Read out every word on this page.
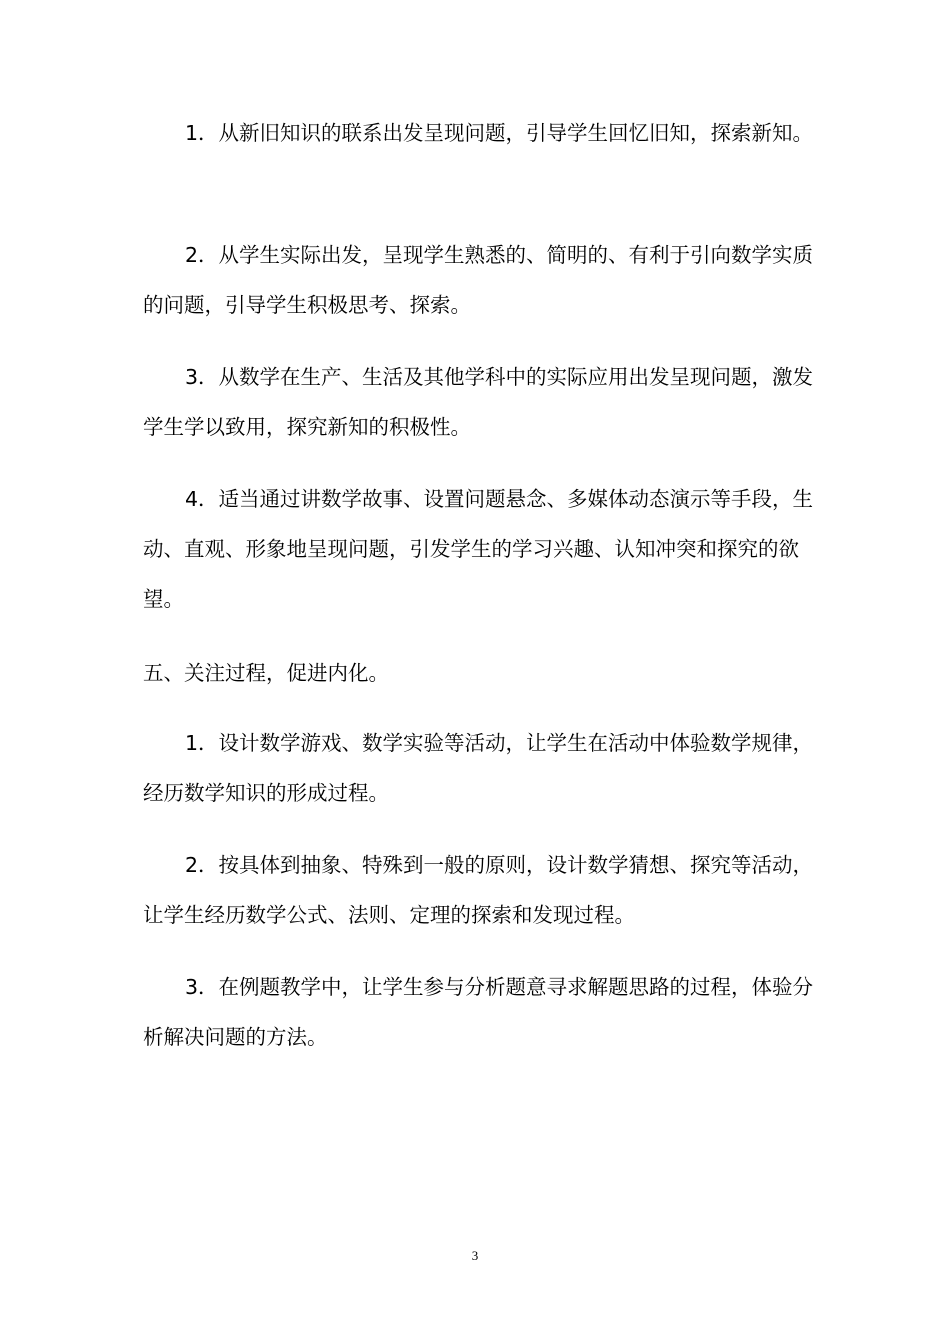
1．从新旧知识的联系出发呈现问题，引导学生回忆旧知，探索新知。

2．从学生实际出发，呈现学生熟悉的、简明的、有利于引向数学实质的问题，引导学生积极思考、探索。

3．从数学在生产、生活及其他学科中的实际应用出发呈现问题，激发学生学以致用，探究新知的积极性。

4．适当通过讲数学故事、设置问题悬念、多媒体动态演示等手段，生动、直观、形象地呈现问题，引发学生的学习兴趣、认知冲突和探究的欲望。

五、关注过程，促进内化。

1．设计数学游戏、数学实验等活动，让学生在活动中体验数学规律，经历数学知识的形成过程。

2．按具体到抽象、特殊到一般的原则，设计数学猜想、探究等活动，让学生经历数学公式、法则、定理的探索和发现过程。

3．在例题教学中，让学生参与分析题意寻求解题思路的过程，体验分析解决问题的方法。

3
